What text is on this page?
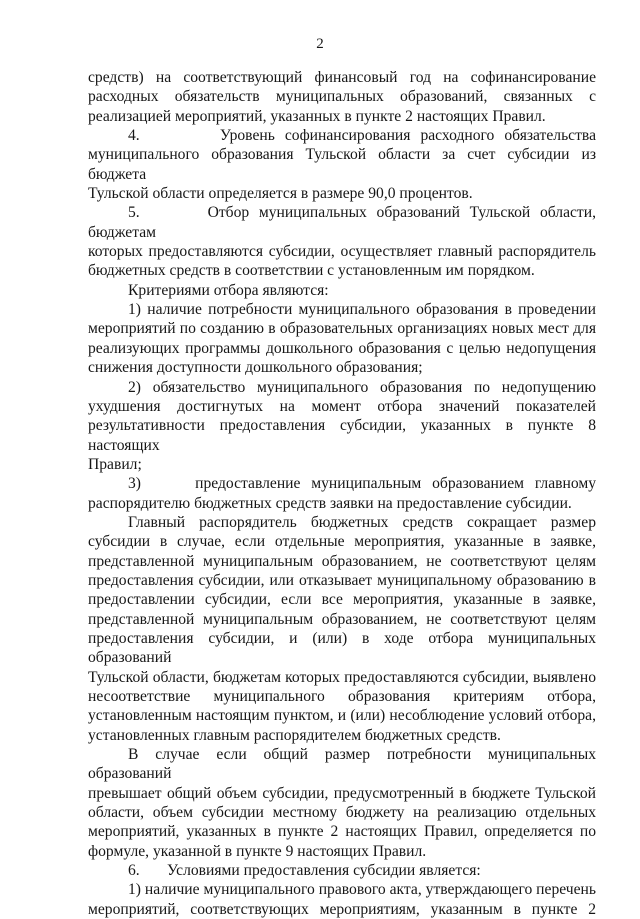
2

средств) на соответствующий финансовый год на софинансирование
расходных обязательств муниципальных образований, связанных с
реализацией мероприятий, указанных в пункте 2 настоящих Правил.

4.        Уровень софинансирования расходного обязательства
муниципального образования Тульской области за счет субсидии из бюджета
Тульской области определяется в размере 90,0 процентов.

5.       Отбор муниципальных образований Тульской области, бюджетам
которых предоставляются субсидии, осуществляет главный распорядитель
бюджетных средств в соответствии с установленным им порядком.

Критериями отбора являются:

1) наличие потребности муниципального образования в проведении
мероприятий по созданию в образовательных организациях новых мест для
реализующих программы дошкольного образования с целью недопущения
снижения доступности дошкольного образования;

2) обязательство муниципального образования по недопущению
ухудшения достигнутых на момент отбора значений показателей
результативности предоставления субсидии, указанных в пункте 8 настоящих
Правил;

3)     предоставление муниципальным образованием главному
распорядителю бюджетных средств заявки на предоставление субсидии.

Главный распорядитель бюджетных средств сокращает размер
субсидии в случае, если отдельные мероприятия, указанные в заявке,
представленной муниципальным образованием, не соответствуют целям
предоставления субсидии, или отказывает муниципальному образованию в
предоставлении субсидии, если все мероприятия, указанные в заявке,
представленной муниципальным образованием, не соответствуют целям
предоставления субсидии, и (или) в ходе отбора муниципальных образований
Тульской области, бюджетам которых предоставляются субсидии, выявлено
несоответствие муниципального образования критериям отбора,
установленным настоящим пунктом, и (или) несоблюдение условий отбора,
установленных главным распорядителем бюджетных средств.

В случае если общий размер потребности муниципальных образований
превышает общий объем субсидии, предусмотренный в бюджете Тульской
области, объем субсидии местному бюджету на реализацию отдельных
мероприятий, указанных в пункте 2 настоящих Правил, определяется по
формуле, указанной в пункте 9 настоящих Правил.

6.       Условиями предоставления субсидии является:

1) наличие муниципального правового акта, утверждающего перечень
мероприятий, соответствующих мероприятиям, указанным в пункте 2
